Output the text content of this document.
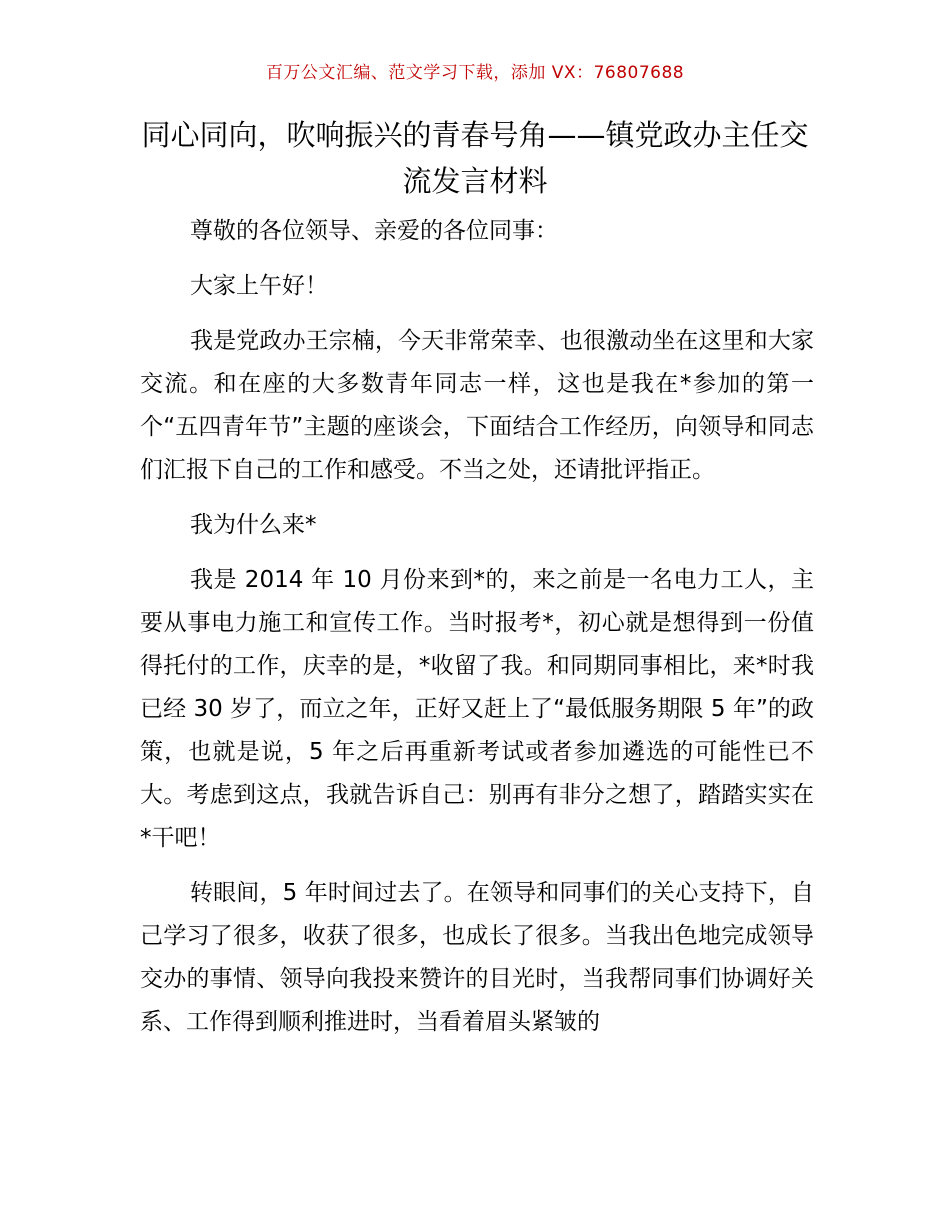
百万公文汇编、范文学习下载，添加 VX：76807688
同心同向，吹响振兴的青春号角——镇党政办主任交流发言材料

尊敬的各位领导、亲爱的各位同事：

大家上午好！

我是党政办王宗楠，今天非常荣幸、也很激动坐在这里和大家交流。和在座的大多数青年同志一样，这也是我在*参加的第一个“五四青年节”主题的座谈会，下面结合工作经历，向领导和同志们汇报下自己的工作和感受。不当之处，还请批评指正。

我为什么来*

我是 2014 年 10 月份来到*的，来之前是一名电力工人，主要从事电力施工和宣传工作。当时报考*，初心就是想得到一份值得托付的工作，庆幸的是，*收留了我。和同期同事相比，来*时我已经 30 岁了，而立之年，正好又赶上了“最低服务期限 5 年”的政策，也就是说，5 年之后再重新考试或者参加遴选的可能性已不大。考虑到这点，我就告诉自己：别再有非分之想了，踏踏实实在*干吧！

转眼间，5 年时间过去了。在领导和同事们的关心支持下，自己学习了很多，收获了很多，也成长了很多。当我出色地完成领导交办的事情、领导向我投来赞许的目光时，当我帮同事们协调好关系、工作得到顺利推进时，当看着眉头紧皱的
